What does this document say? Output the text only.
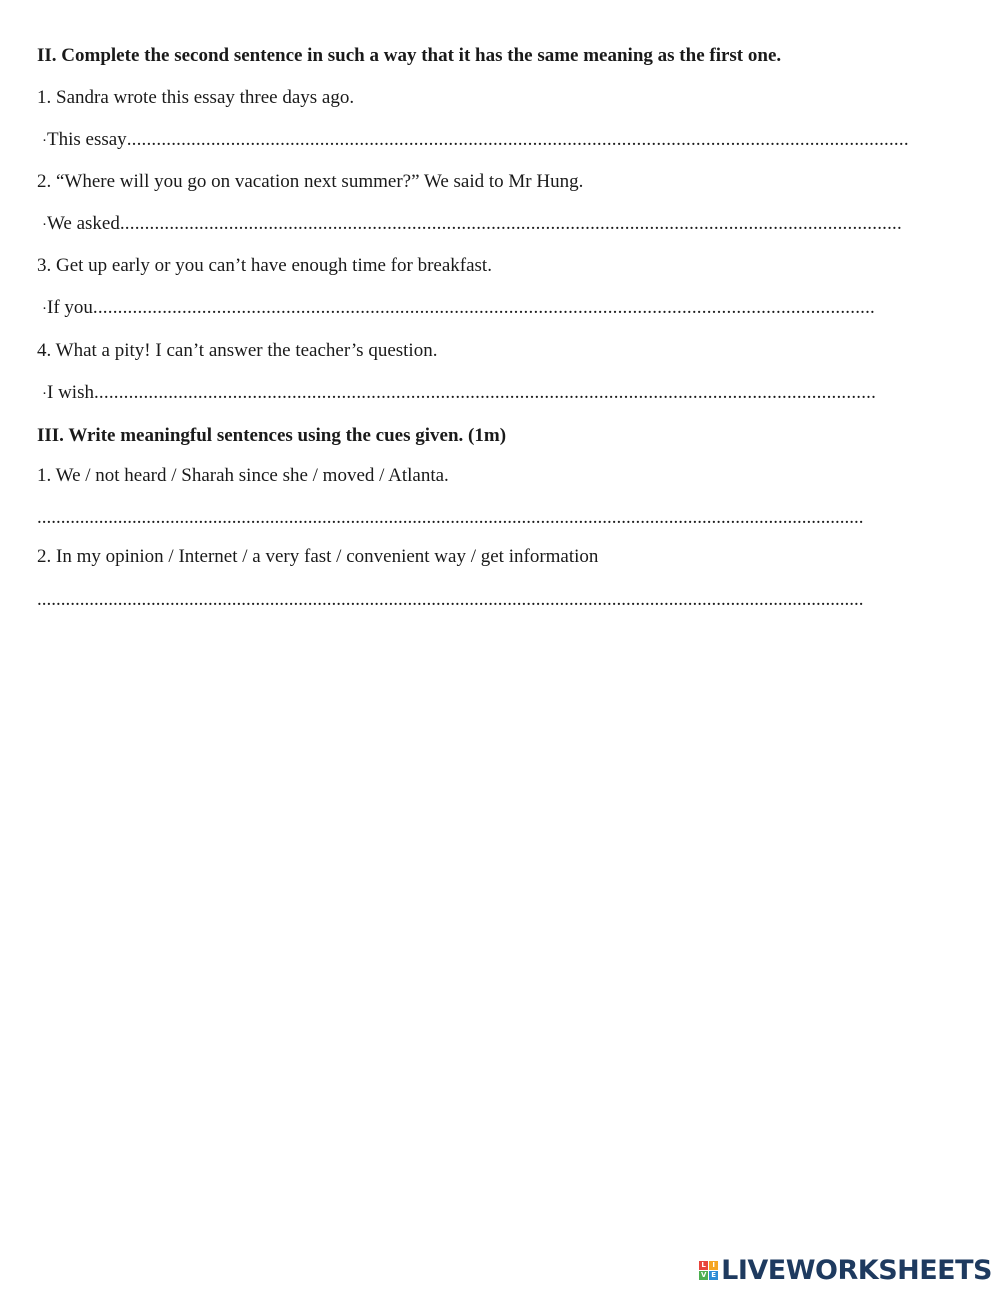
II. Complete the second sentence in such a way that it has the same meaning as the first one.
1. Sandra wrote this essay three days ago.
· This essay ..............................................................................................................................................................
2. “Where will you go on vacation next summer?” We said to Mr Hung.
· We asked ..............................................................................................................................................................
3. Get up early or you can’t have enough time for breakfast.
· If you ..............................................................................................................................................................
4. What a pity! I can’t answer the teacher’s question.
· I wish ..............................................................................................................................................................
III. Write meaningful sentences using the cues given. (1m)
1. We / not heard / Sharah since she / moved / Atlanta.
..............................................................................................................................................................................
2. In my opinion / Internet / a very fast / convenient way / get information
..............................................................................................................................................................................
L I
V E LIVEWORKSHEETS
